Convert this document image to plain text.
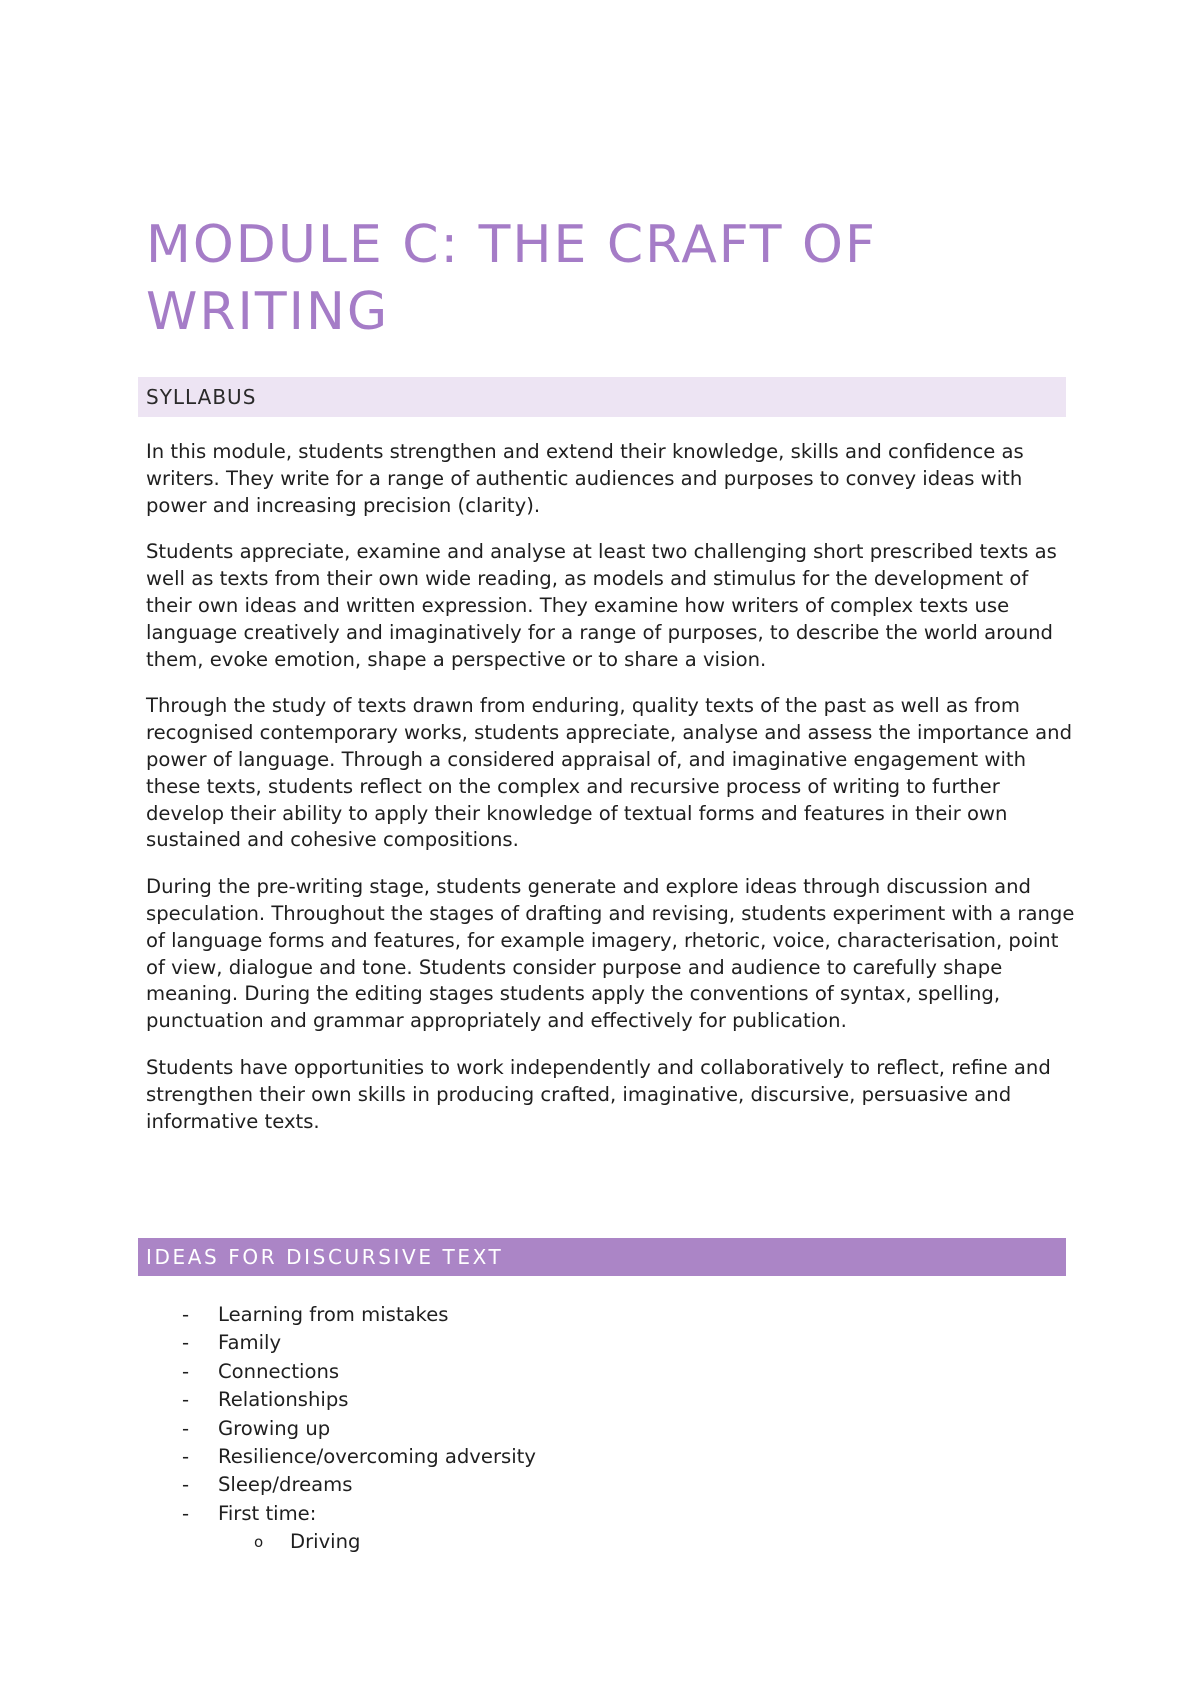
MODULE C: THE CRAFT OF WRITING
SYLLABUS

In this module, students strengthen and extend their knowledge, skills and confidence as writers. They write for a range of authentic audiences and purposes to convey ideas with power and increasing precision (clarity).

Students appreciate, examine and analyse at least two challenging short prescribed texts as well as texts from their own wide reading, as models and stimulus for the development of their own ideas and written expression. They examine how writers of complex texts use language creatively and imaginatively for a range of purposes, to describe the world around them, evoke emotion, shape a perspective or to share a vision.

Through the study of texts drawn from enduring, quality texts of the past as well as from recognised contemporary works, students appreciate, analyse and assess the importance and power of language. Through a considered appraisal of, and imaginative engagement with these texts, students reflect on the complex and recursive process of writing to further develop their ability to apply their knowledge of textual forms and features in their own sustained and cohesive compositions.

During the pre-writing stage, students generate and explore ideas through discussion and speculation. Throughout the stages of drafting and revising, students experiment with a range of language forms and features, for example imagery, rhetoric, voice, characterisation, point of view, dialogue and tone. Students consider purpose and audience to carefully shape meaning. During the editing stages students apply the conventions of syntax, spelling, punctuation and grammar appropriately and effectively for publication.

Students have opportunities to work independently and collaboratively to reflect, refine and strengthen their own skills in producing crafted, imaginative, discursive, persuasive and informative texts.

IDEAS FOR DISCURSIVE TEXT
- Learning from mistakes
- Family
- Connections
- Relationships
- Growing up
- Resilience/overcoming adversity
- Sleep/dreams
- First time:
o Driving
